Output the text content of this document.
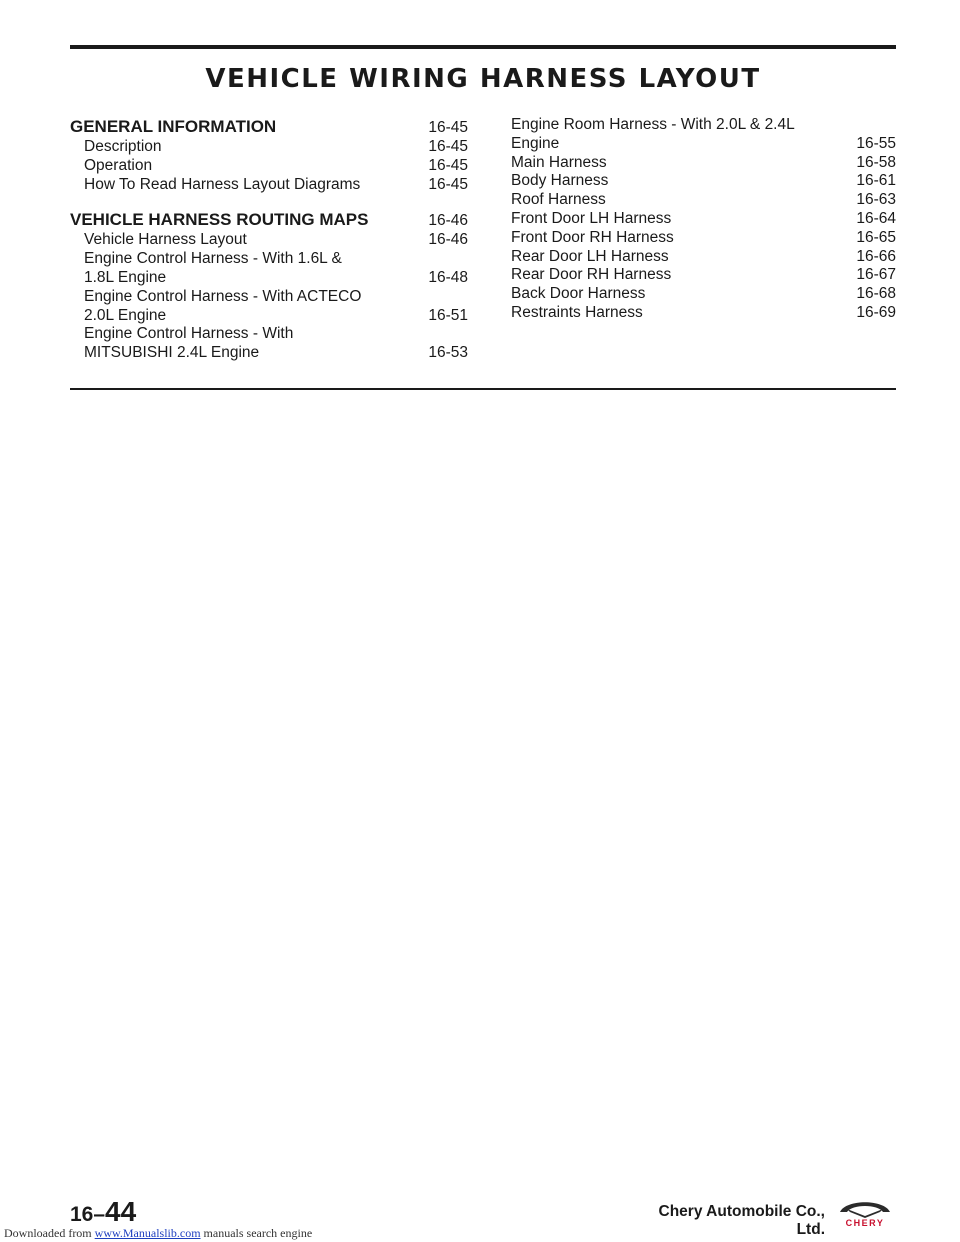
VEHICLE WIRING HARNESS LAYOUT
GENERAL INFORMATION	16-45
Description	16-45
Operation	16-45
How To Read Harness Layout Diagrams	16-45
VEHICLE HARNESS ROUTING MAPS	16-46
Vehicle Harness Layout	16-46
Engine Control Harness - With 1.6L &
1.8L Engine	16-48
Engine Control Harness - With ACTECO
2.0L Engine	16-51
Engine Control Harness - With
MITSUBISHI 2.4L Engine	16-53
Engine Room Harness - With 2.0L & 2.4L
Engine	16-55
Main Harness	16-58
Body Harness	16-61
Roof Harness	16-63
Front Door LH Harness	16-64
Front Door RH Harness	16-65
Rear Door LH Harness	16-66
Rear Door RH Harness	16-67
Back Door Harness	16-68
Restraints Harness	16-69
16–44	Chery Automobile Co., Ltd. CHERY
Downloaded from www.Manualslib.com manuals search engine
